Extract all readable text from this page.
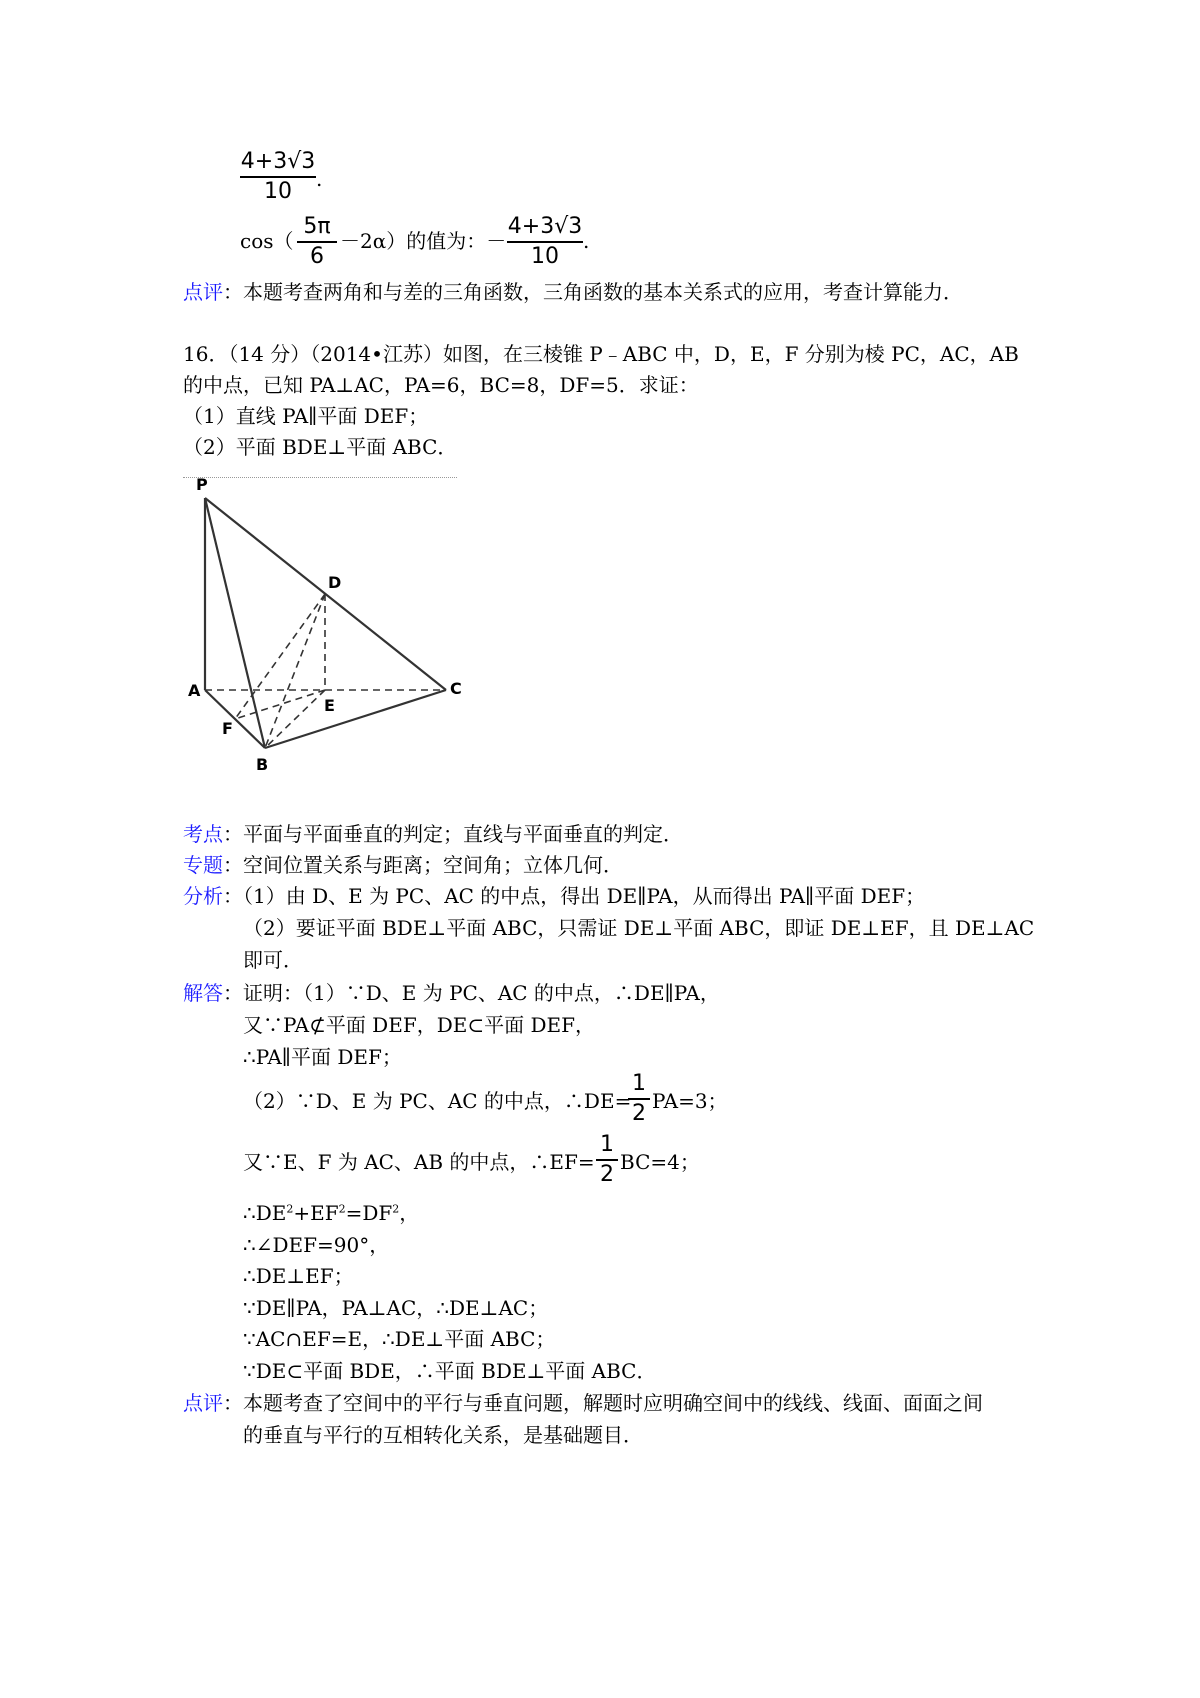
4+3√3
10	.
cos（
5π
6
－2α）的值为：－
4+3√3
10
.
点评：本题考查两角和与差的三角函数，三角函数的基本关系式的应用，考查计算能力．
16．（14 分）（2014•江苏）如图，在三棱锥 P﹣ABC 中，D，E，F 分别为棱 PC，AC，AB
的中点，已知 PA⊥AC，PA=6，BC=8，DF=5．求证：
（1）直线 PA∥平面 DEF；
（2）平面 BDE⊥平面 ABC．
P
D
A	C
E
F
B
考点：平面与平面垂直的判定；直线与平面垂直的判定．
专题：空间位置关系与距离；空间角；立体几何．
分析：（1）由 D、E 为 PC、AC 的中点，得出 DE∥PA，从而得出 PA∥平面 DEF；
（2）要证平面 BDE⊥平面 ABC，只需证 DE⊥平面 ABC，即证 DE⊥EF，且 DE⊥AC
即可．
解答：证明：（1）∵D、E 为 PC、AC 的中点，∴DE∥PA，
又∵PA⊄平面 DEF，DE⊂平面 DEF，
∴PA∥平面 DEF；
（2）∵D、E 为 PC、AC 的中点，∴DE=
1
2 PA=3；
又∵E、F 为 AC、AB 的中点，∴EF=
1
2 BC=4；
$\therefore DE^2+EF^2=DF^2$，
∴∠DEF=90°，
∴DE⊥EF；
∵DE∥PA，PA⊥AC，∴DE⊥AC；
∵AC∩EF=E，∴DE⊥平面 ABC；
∵DE⊂平面 BDE，∴平面 BDE⊥平面 ABC．
点评：本题考查了空间中的平行与垂直问题，解题时应明确空间中的线线、线面、面面之间
的垂直与平行的互相转化关系，是基础题目．
